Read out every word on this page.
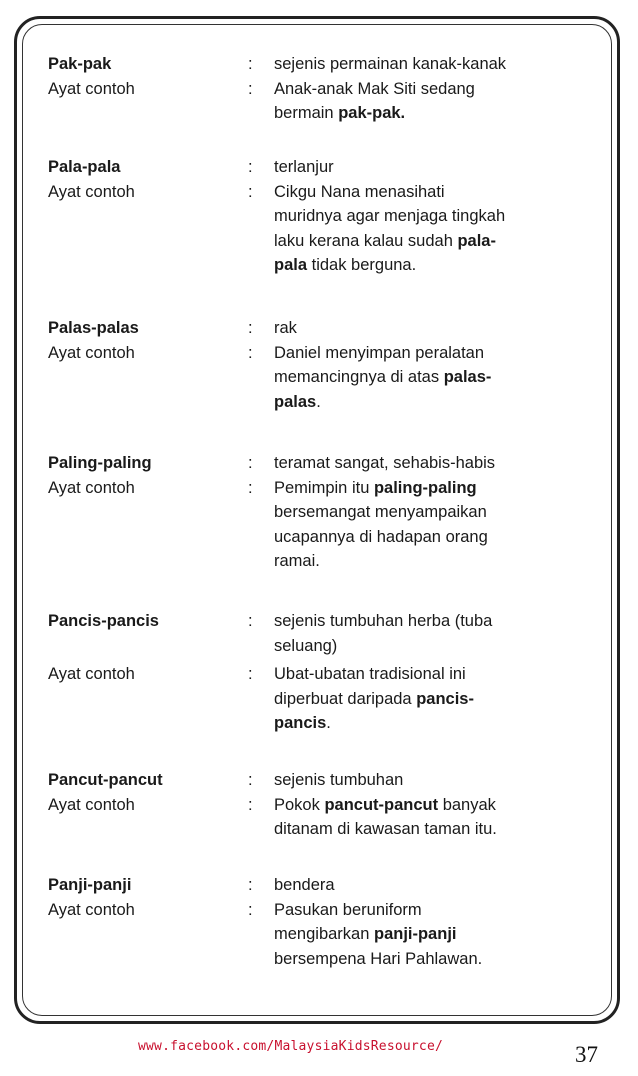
Pak-pak	:	sejenis permainan kanak-kanak
Ayat contoh	:	Anak-anak Mak Siti sedang
bermain pak-pak.
Pala-pala	:	terlanjur
Ayat contoh	:	Cikgu Nana menasihati
muridnya agar menjaga tingkah
laku kerana kalau sudah pala-
pala tidak berguna.
Palas-palas	:	rak
Ayat contoh	:	Daniel menyimpan peralatan
memancingnya di atas palas-
palas.
Paling-paling	:	teramat sangat, sehabis-habis
Ayat contoh	:	Pemimpin itu paling-paling
bersemangat menyampaikan
ucapannya di hadapan orang
ramai.
Pancis-pancis	:	sejenis tumbuhan herba (tuba
seluang)
Ayat contoh	:	Ubat-ubatan tradisional ini
diperbuat daripada pancis-
pancis.
Pancut-pancut	:	sejenis tumbuhan
Ayat contoh	:	Pokok pancut-pancut banyak
ditanam di kawasan taman itu.
Panji-panji	:	bendera
Ayat contoh	:	Pasukan beruniform
mengibarkan panji-panji
bersempena Hari Pahlawan.
www.facebook.com/MalaysiaKidsResource/	37
